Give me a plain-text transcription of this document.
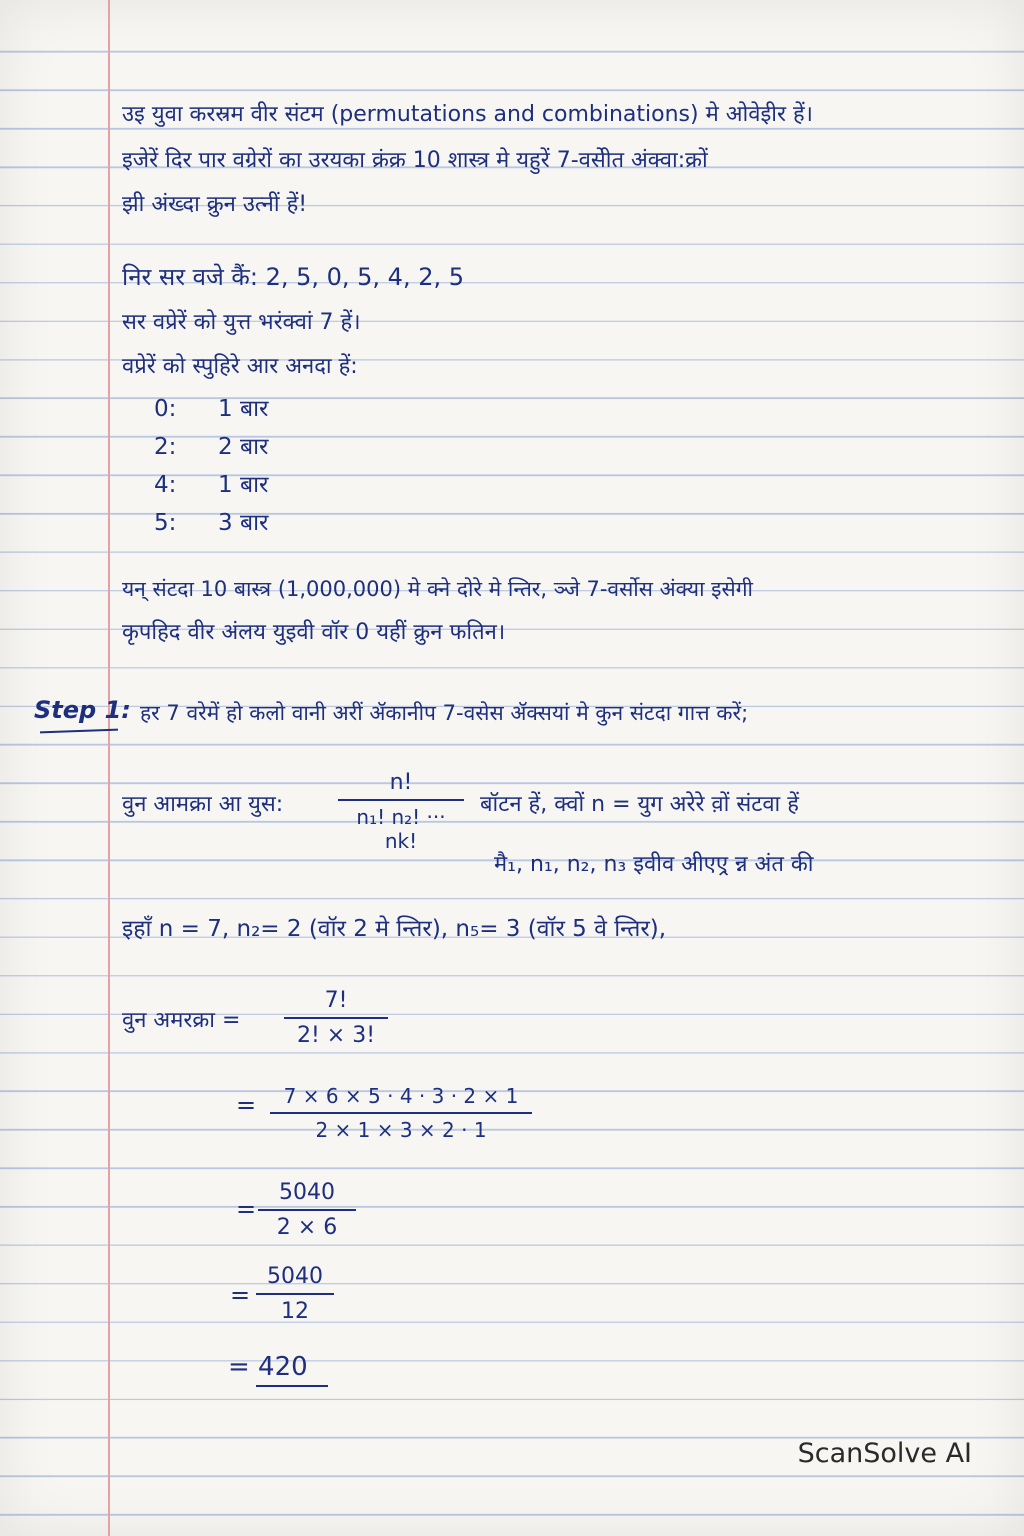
उइ युवा करस्रम वीर संटम (permutations and combinations) मे ओवेइीर हें।
इजेरें दिर पार वग्रेरों का उरयका क्रंक्र 10 शास्त्र मे यहुरें 7-वसेीत अंक्वा:क्रों
झी अंख्दा क्रुन उत्नीं हें!
निर सर वजे कैं: 2, 5, 0, 5, 4, 2, 5
सर वप्रेरें को युत्त भरंक्वां 7 हें।
वप्रेरें को स्पुहिरे आर अनदा हें:
0: 1 बार
2: 2 बार
4: 1 बार
5: 3 बार
यन् संटदा 10 बास्त्र (1,000,000) मे क्ने दोरे मे न्तिर, ञ्जे 7-वर्सोस अंक्या इसेगी
कृपहिद वीर अंलय युइवी वॉर 0 यहीं क्रुन फतिन।
Step 1: हर 7 वरेमें हो कलो वानी अरीं ॲकानीप 7-वसेस ॲक्सयां मे कुन संटदा गात्त करें;
वुन आमक्रा आ युस:
n!
n₁! n₂! ··· nk!
बॉटन हें, क्वों n = युग अरेरे व़ों संटवा हें
मै₁, n₁, n₂, n₃ इवीव अीएए्र न्न अंत की
इहाँ n = 7, n₂= 2 (वॉर 2 मे न्तिर), n₅= 3 (वॉर 5 वे न्तिर),
वुन अमरक्रा =
7!
2! × 3!
=	7 × 6 × 5 · 4 · 3 · 2 × 1
2 × 1 × 3 × 2 · 1
=
5040
2 × 6
=
5040
12
= 420
ScanSolve AI
